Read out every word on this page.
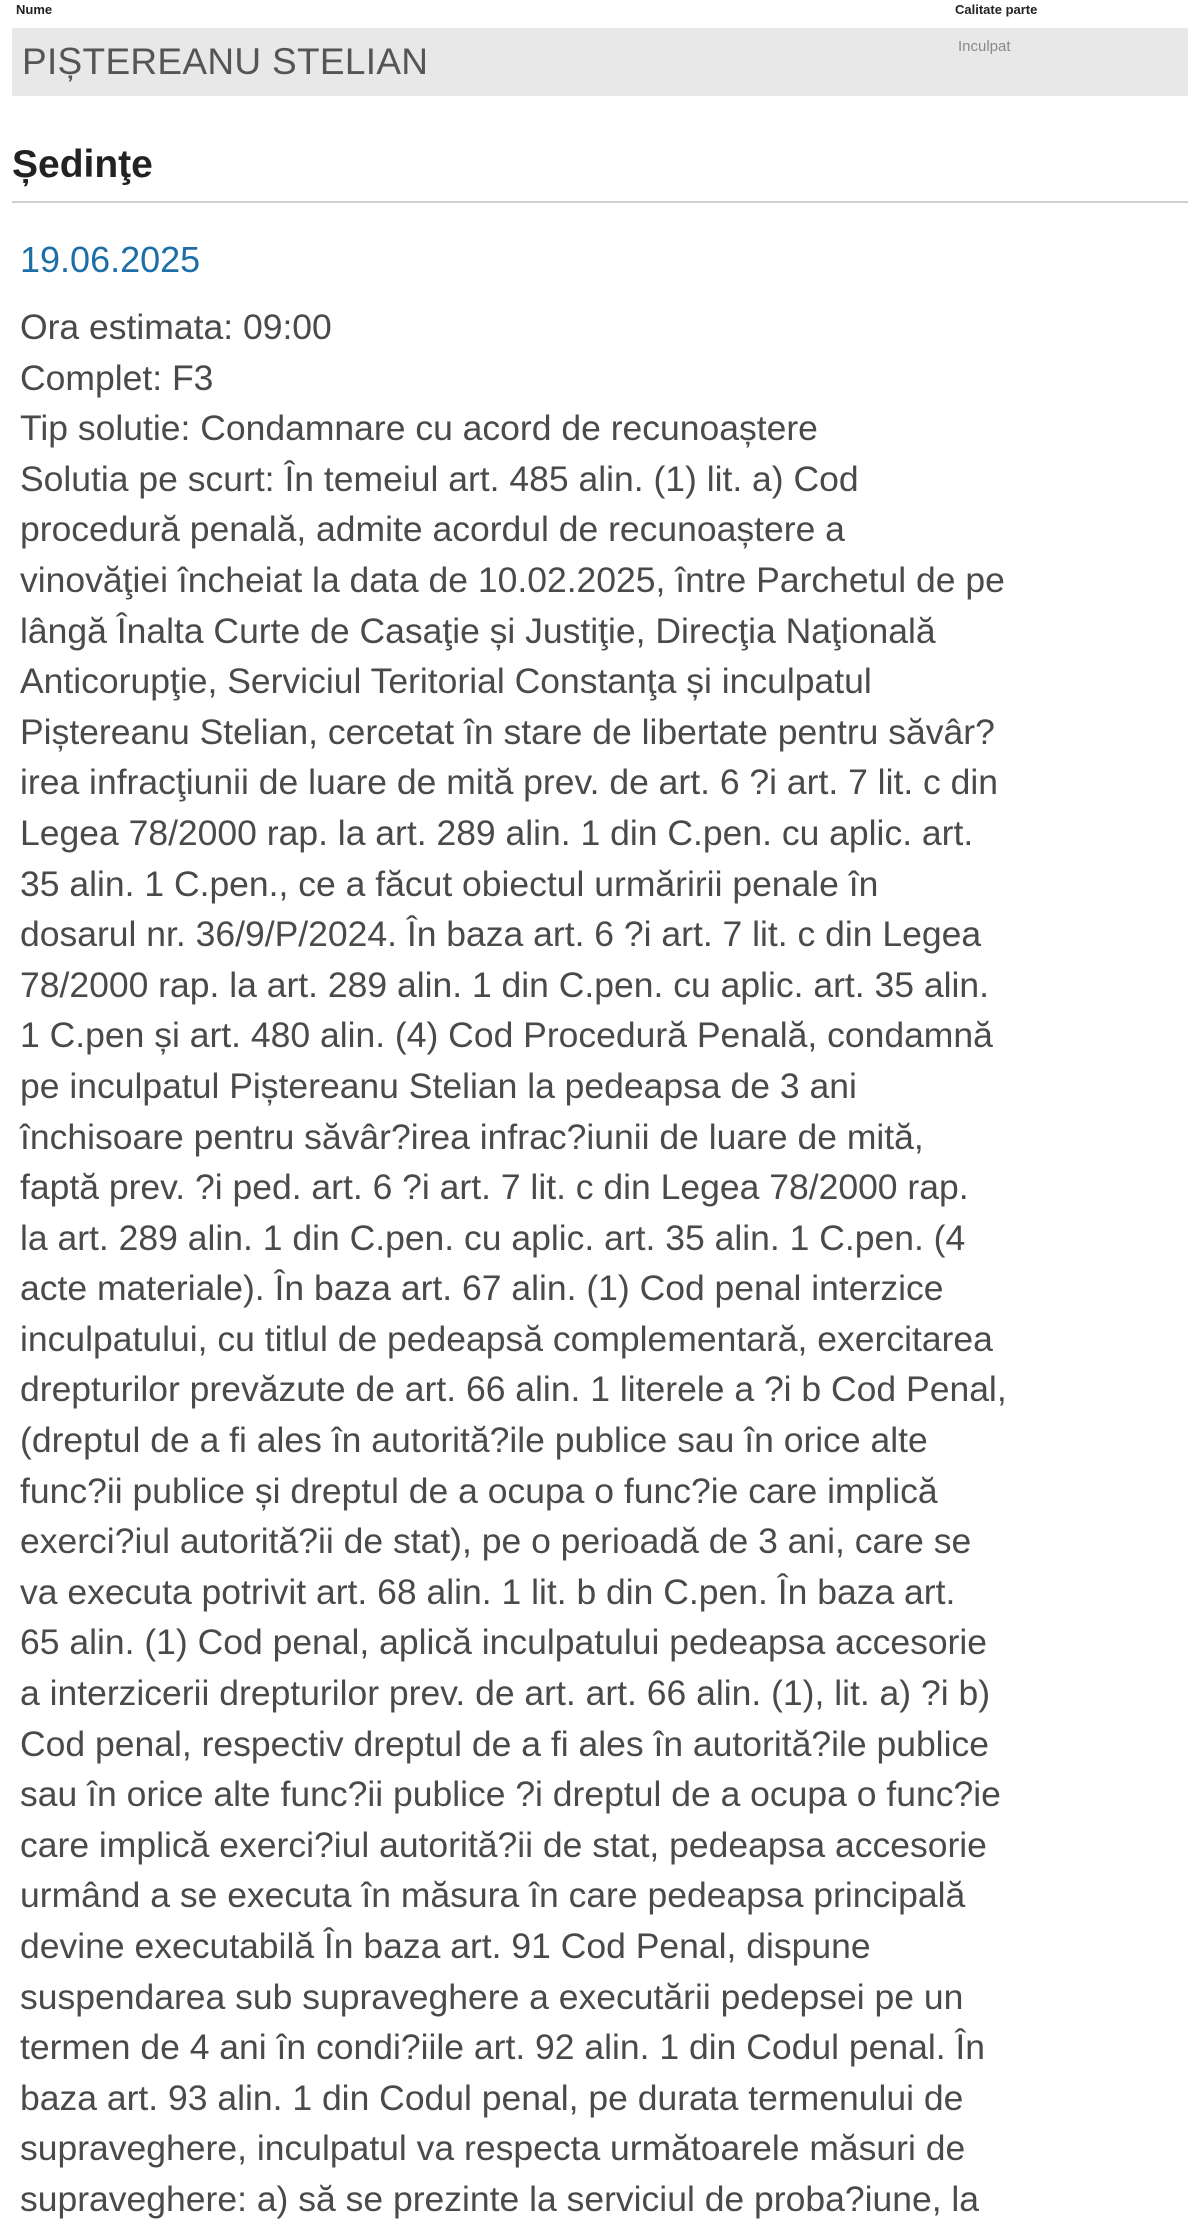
Nume	Calitate parte
PIȘTEREANU STELIAN	Inculpat
Ședinţe
19.06.2025
Ora estimata: 09:00
Complet: F3
Tip solutie: Condamnare cu acord de recunoaștere
Solutia pe scurt: În temeiul art. 485 alin. (1) lit. a) Cod
procedură penală, admite acordul de recunoaștere a
vinovăţiei încheiat la data de 10.02.2025, între Parchetul de pe
lângă Înalta Curte de Casaţie și Justiţie, Direcţia Naţională
Anticorupţie, Serviciul Teritorial Constanţa și inculpatul
Piștereanu Stelian, cercetat în stare de libertate pentru săvâr?
irea infracţiunii de luare de mită prev. de art. 6 ?i art. 7 lit. c din
Legea 78/2000 rap. la art. 289 alin. 1 din C.pen. cu aplic. art.
35 alin. 1 C.pen., ce a făcut obiectul urmăririi penale în
dosarul nr. 36/9/P/2024. În baza art. 6 ?i art. 7 lit. c din Legea
78/2000 rap. la art. 289 alin. 1 din C.pen. cu aplic. art. 35 alin.
1 C.pen și art. 480 alin. (4) Cod Procedură Penală, condamnă
pe inculpatul Piștereanu Stelian la pedeapsa de 3 ani
închisoare pentru săvâr?irea infrac?iunii de luare de mită,
faptă prev. ?i ped. art. 6 ?i art. 7 lit. c din Legea 78/2000 rap.
la art. 289 alin. 1 din C.pen. cu aplic. art. 35 alin. 1 C.pen. (4
acte materiale). În baza art. 67 alin. (1) Cod penal interzice
inculpatului, cu titlul de pedeapsă complementară, exercitarea
drepturilor prevăzute de art. 66 alin. 1 literele a ?i b Cod Penal,
(dreptul de a fi ales în autorită?ile publice sau în orice alte
func?ii publice și dreptul de a ocupa o func?ie care implică
exerci?iul autorită?ii de stat), pe o perioadă de 3 ani, care se
va executa potrivit art. 68 alin. 1 lit. b din C.pen. În baza art.
65 alin. (1) Cod penal, aplică inculpatului pedeapsa accesorie
a interzicerii drepturilor prev. de art. art. 66 alin. (1), lit. a) ?i b)
Cod penal, respectiv dreptul de a fi ales în autorită?ile publice
sau în orice alte func?ii publice ?i dreptul de a ocupa o func?ie
care implică exerci?iul autorită?ii de stat, pedeapsa accesorie
urmând a se executa în măsura în care pedeapsa principală
devine executabilă În baza art. 91 Cod Penal, dispune
suspendarea sub supraveghere a executării pedepsei pe un
termen de 4 ani în condi?iile art. 92 alin. 1 din Codul penal. În
baza art. 93 alin. 1 din Codul penal, pe durata termenului de
supraveghere, inculpatul va respecta următoarele măsuri de
supraveghere: a) să se prezinte la serviciul de proba?iune, la
